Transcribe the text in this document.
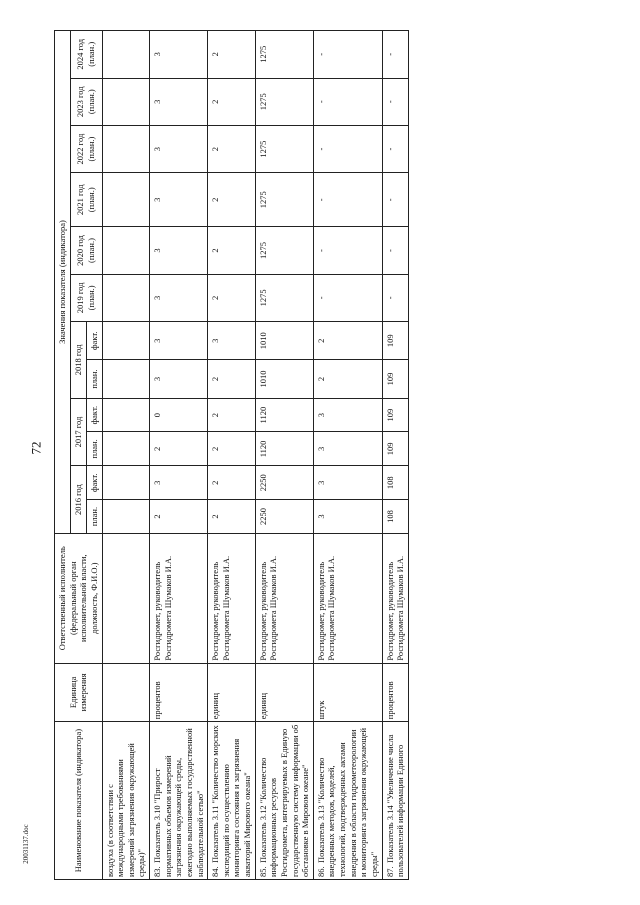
72
20031137.doc	Наименование показателя (индикатора)	Единица измерения	Ответственный исполнитель (федеральный орган исполнительной власти, должность, Ф.И.О.)	Значения показателя (индикатора)											
			2016 год		2017 год		2018 год		2019 год (план.)	2020 год (план.)	2021 год (план.)	2022 год (план.)	2023 год (план.)	2024 год (план.)
			план.	факт.	план.	факт.	план.	факт.						
воздуха (в соответствии с международными требованиями измерений загрязнения окружающей среды)"														
83.Показатель 3.10 "Прирост нормативных объемов измерений загрязнения окружающей среды, ежегодно выполняемых государственной наблюдательной сетью"	процентов	Росгидромет, руководитель Росгидромета Шумаков И.А.	2	3	2	0	3	3	3	3	3	3	3	3
84.Показатель 3.11 "Количество морских экспедиций по осуществлению мониторинга состояния и загрязнения акваторий Мирового океана"	единиц	Росгидромет, руководитель Росгидромета Шумаков И.А.	2	2	2	2	2	3	2	2	2	2	2	2
85.Показатель 3.12 "Количество информационных ресурсов Росгидромета, интегрируемых в Единую государственную систему информации об обстановке в Мировом океане"	единиц	Росгидромет, руководитель Росгидромета Шумаков И.А.	2250	2250	1120	1120	1010	1010	1275	1275	1275	1275	1275	1275
86.Показатель 3.13 "Количество внедренных методов, моделей, технологий, подтвержденных актами внедрения в области гидрометеорологии и мониторинга загрязнения окружающей среды"	штук	Росгидромет, руководитель Росгидромета Шумаков И.А.	3	3	3	3	2	2	-	-	-	-	-	-
87.Показатель 3.14 "Увеличение числа пользователей информации Единого	процентов	Росгидромет, руководитель Росгидромета Шумаков И.А.	108	108	109	109	109	109	-	-	-	-	-	-
